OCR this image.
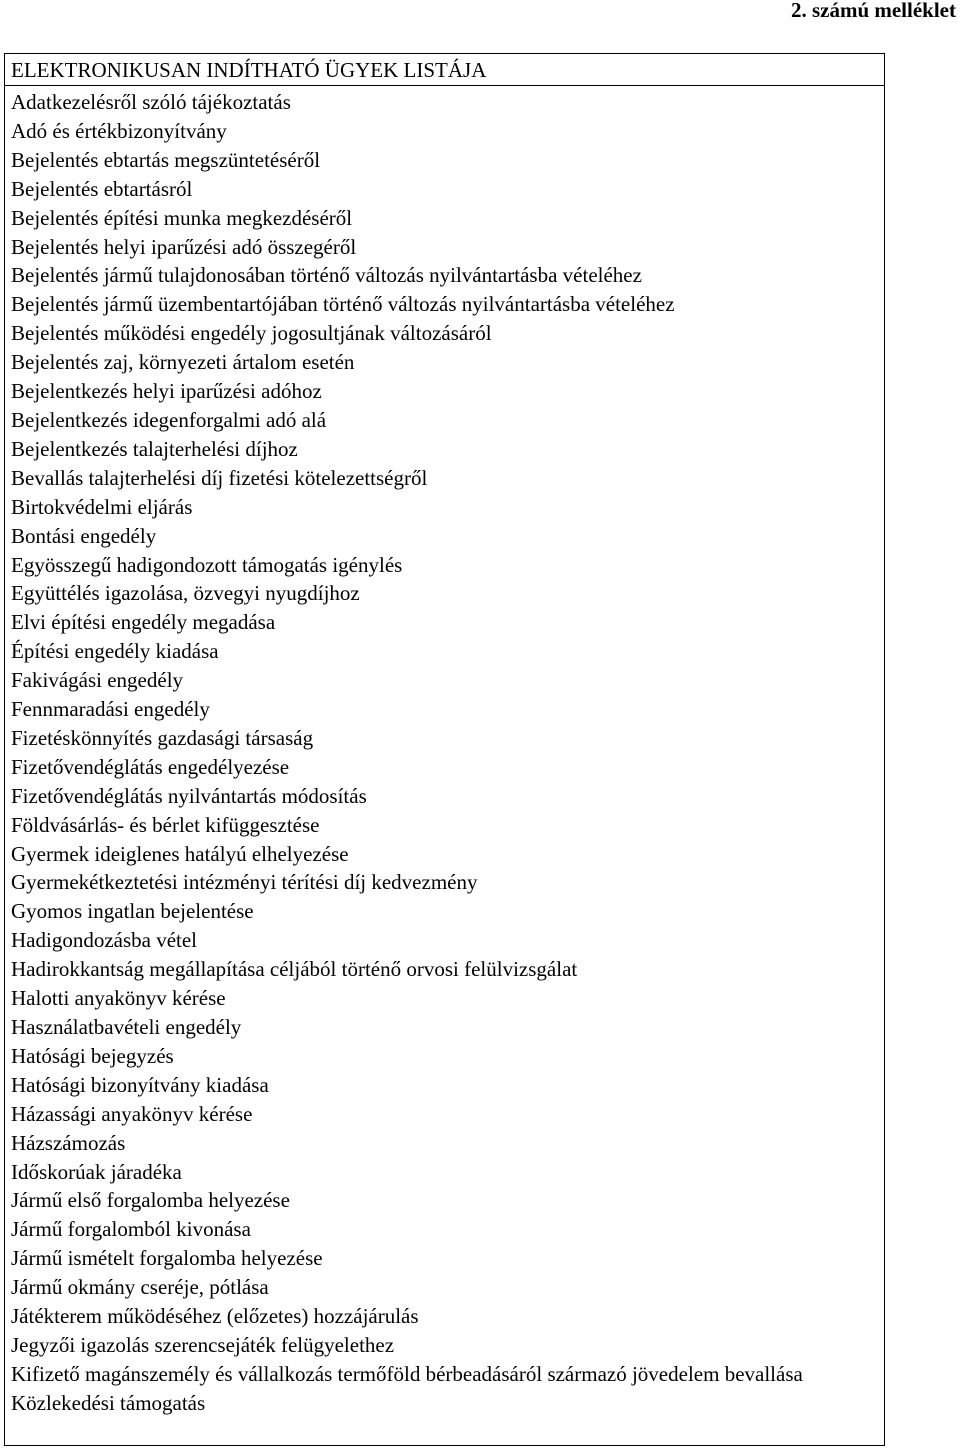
2. számú melléklet
ELEKTRONIKUSAN INDÍTHATÓ ÜGYEK LISTÁJA
Adatkezelésről szóló tájékoztatás
Adó és értékbizonyítvány
Bejelentés ebtartás megszüntetéséről
Bejelentés ebtartásról
Bejelentés építési munka megkezdéséről
Bejelentés helyi iparűzési adó összegéről
Bejelentés jármű tulajdonosában történő változás nyilvántartásba vételéhez
Bejelentés jármű üzembentartójában történő változás nyilvántartásba vételéhez
Bejelentés működési engedély jogosultjának változásáról
Bejelentés zaj, környezeti ártalom esetén
Bejelentkezés helyi iparűzési adóhoz
Bejelentkezés idegenforgalmi adó alá
Bejelentkezés talajterhelési díjhoz
Bevallás talajterhelési díj fizetési kötelezettségről
Birtokvédelmi eljárás
Bontási engedély
Egyösszegű hadigondozott támogatás igénylés
Együttélés igazolása, özvegyi nyugdíjhoz
Elvi építési engedély megadása
Építési engedély kiadása
Fakivágási engedély
Fennmaradási engedély
Fizetéskönnyítés gazdasági társaság
Fizetővendéglátás engedélyezése
Fizetővendéglátás nyilvántartás módosítás
Földvásárlás- és bérlet kifüggesztése
Gyermek ideiglenes hatályú elhelyezése
Gyermekétkeztetési intézményi térítési díj kedvezmény
Gyomos ingatlan bejelentése
Hadigondozásba vétel
Hadirokkantság megállapítása céljából történő orvosi felülvizsgálat
Halotti anyakönyv kérése
Használatbavételi engedély
Hatósági bejegyzés
Hatósági bizonyítvány kiadása
Házassági anyakönyv kérése
Házszámozás
Időskorúak járadéka
Jármű első forgalomba helyezése
Jármű forgalomból kivonása
Jármű ismételt forgalomba helyezése
Jármű okmány cseréje, pótlása
Játékterem működéséhez (előzetes) hozzájárulás
Jegyzői igazolás szerencsejáték felügyelethez
Kifizető magánszemély és vállalkozás termőföld bérbeadásáról származó jövedelem bevallása
Közlekedési támogatás
